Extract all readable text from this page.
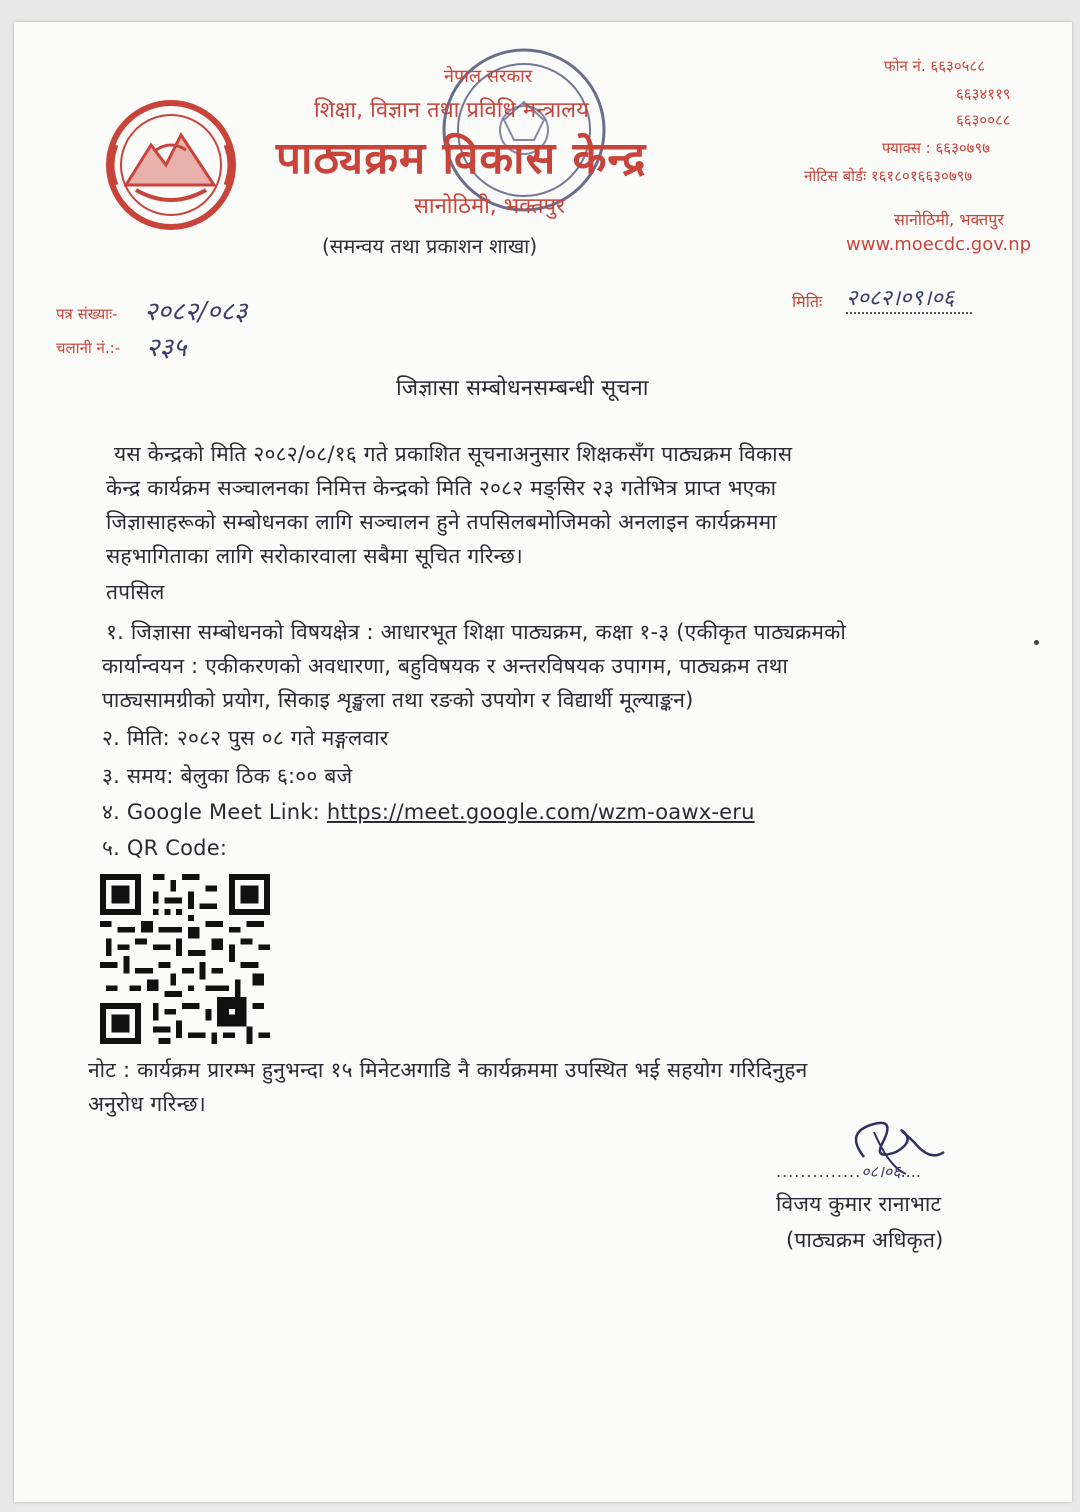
नेपाल सरकार
शिक्षा, विज्ञान तथा प्रविधि मन्त्रालय
पाठ्यक्रम विकास केन्द्र
सानोठिमी, भक्तपुर
(समन्वय तथा प्रकाशन शाखा)
फोन नं. ६६३०५८८
६६३४११९
६६३००८८
फ्याक्स : ६६३०७९७
नोटिस बोर्डः १६१८०१६६३०७९७
सानोठिमी, भक्तपुर
www.moecdc.gov.np
पत्र संख्याः- २०८२/०८३
चलानी नं.:- २३५
मितिः २०८२।०९।०६
जिज्ञासा सम्बोधनसम्बन्धी सूचना
यस केन्द्रको मिति २०८२/०८/१६ गते प्रकाशित सूचनाअनुसार शिक्षकसँग पाठ्यक्रम विकास
केन्द्र कार्यक्रम सञ्चालनका निमित्त केन्द्रको मिति २०८२ मङ्सिर २३ गतेभित्र प्राप्त भएका
जिज्ञासाहरूको सम्बोधनका लागि सञ्चालन हुने तपसिलबमोजिमको अनलाइन कार्यक्रममा
सहभागिताका लागि सरोकारवाला सबैमा सूचित गरिन्छ।
तपसिल
१. जिज्ञासा सम्बोधनको विषयक्षेत्र : आधारभूत शिक्षा पाठ्यक्रम, कक्षा १-३ (एकीकृत पाठ्यक्रमको
कार्यान्वयन : एकीकरणको अवधारणा, बहुविषयक र अन्तरविषयक उपागम, पाठ्यक्रम तथा
पाठ्यसामग्रीको प्रयोग, सिकाइ शृङ्खला तथा रङको उपयोग र विद्यार्थी मूल्याङ्कन)
२. मिति: २०८२ पुस ०८ गते मङ्गलवार
३. समय: बेलुका ठिक ६:०० बजे
४. Google Meet Link: https://meet.google.com/wzm-oawx-eru
५. QR Code:
नोट : कार्यक्रम प्रारम्भ हुनुभन्दा १५ मिनेटअगाडि नै कार्यक्रममा उपस्थित भई सहयोग गरिदिनुहन
अनुरोध गरिन्छ।
..............०८।०६....
विजय कुमार रानाभाट
(पाठ्यक्रम अधिकृत)
